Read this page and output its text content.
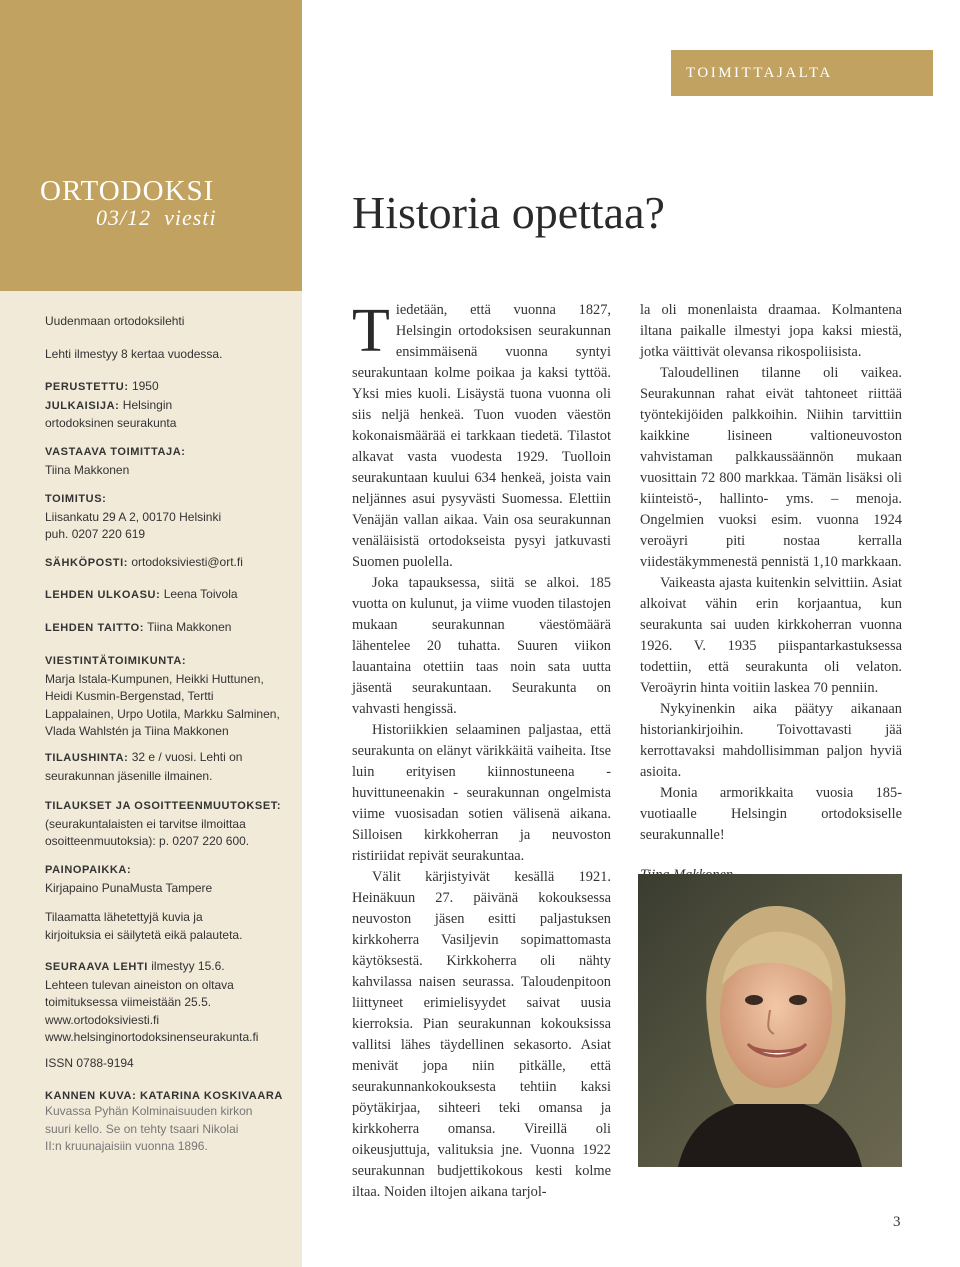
ORTODOKSI
03/12 viesti
TOIMITTAJALTA
Historia opettaa?
Uudenmaan ortodoksilehti
Lehti ilmestyy 8 kertaa vuodessa.
PERUSTETTU: 1950
JULKAISIJA: Helsingin
ortodoksinen seurakunta
VASTAAVA TOIMITTAJA:
Tiina Makkonen
TOIMITUS:
Liisankatu 29 A 2, 00170 Helsinki
puh. 0207 220 619
SÄHKÖPOSTI: ortodoksiviesti@ort.fi
LEHDEN ULKOASU: Leena Toivola
LEHDEN TAITTO: Tiina Makkonen
VIESTINTÄTOIMIKUNTA:
Marja Istala-Kumpunen, Heikki Huttunen,
Heidi Kusmin-Bergenstad, Tertti
Lappalainen, Urpo Uotila, Markku Salminen,
Vlada Wahlstén ja Tiina Makkonen
TILAUSHINTA: 32 e / vuosi. Lehti on
seurakunnan jäsenille ilmainen.
TILAUKSET JA OSOITTEENMUUTOKSET:
(seurakuntalaisten ei tarvitse ilmoittaa
osoitteenmuutoksia): p. 0207 220 600.
PAINOPAIKKA:
Kirjapaino PunaMusta Tampere
Tilaamatta lähetettyjä kuvia ja
kirjoituksia ei säilytetä eikä palauteta.
SEURAAVA LEHTI ilmestyy 15.6.
Lehteen tulevan aineiston on oltava
toimituksessa viimeistään 25.5.
www.ortodoksiviesti.fi
www.helsinginortodoksinenseurakunta.fi
ISSN 0788-9194
KANNEN KUVA: KATARINA KOSKIVAARA
Kuvassa Pyhän Kolminaisuuden kirkon
suuri kello. Se on tehty tsaari Nikolai
II:n kruunajaisiin vuonna 1896.

Tiedetään, että vuonna 1827, Helsingin ortodoksisen seurakunnan ensimmäisenä vuonna syntyi seurakuntaan kolme poikaa ja kaksi tyttöä. Yksi mies kuoli. Lisäystä tuona vuonna oli siis neljä henkeä. Tuon vuoden väestön kokonaismäärää ei tarkkaan tiedetä. Tilastot alkavat vasta vuodesta 1929. Tuolloin seurakuntaan kuului 634 henkeä, joista vain neljännes asui pysyvästi Suomessa. Elettiin Venäjän vallan aikaa. Vain osa seurakunnan venäläisistä ortodokseista pysyi jatkuvasti Suomen puolella.

Joka tapauksessa, siitä se alkoi. 185 vuotta on kulunut, ja viime vuoden tilastojen mukaan seurakunnan väestömäärä lähentelee 20 tuhatta. Suuren viikon lauantaina otettiin taas noin sata uutta jäsentä seurakuntaan. Seurakunta on vahvasti hengissä.

Historiikkien selaaminen paljastaa, että seurakunta on elänyt värikkäitä vaiheita. Itse luin erityisen kiinnostuneena - huvittuneenakin - seurakunnan ongelmista viime vuosisadan sotien välisenä aikana. Silloisen kirkkoherran ja neuvoston ristiriidat repivät seurakuntaa.

Välit kärjistyivät kesällä 1921. Heinäkuun 27. päivänä kokouksessa neuvoston jäsen esitti paljastuksen kirkkoherra Vasiljevin sopimattomasta käytöksestä. Kirkkoherra oli nähty kahvilassa naisen seurassa. Taloudenpitoon liittyneet erimielisyydet saivat uusia kierroksia. Pian seurakunnan kokouksissa vallitsi lähes täydellinen sekasorto. Asiat menivät jopa niin pitkälle, että seurakunnankokouksesta tehtiin kaksi pöytäkirjaa, sihteeri teki omansa ja kirkkoherra omansa. Vireillä oli oikeusjuttuja, valituksia jne. Vuonna 1922 seurakunnan budjettikokous kesti kolme iltaa. Noiden iltojen aikana tarjol-

la oli monenlaista draamaa. Kolmantena iltana paikalle ilmestyi jopa kaksi miestä, jotka väittivät olevansa rikospoliisista.

Taloudellinen tilanne oli vaikea. Seurakunnan rahat eivät tahtoneet riittää työntekijöiden palkkoihin. Niihin tarvittiin kaikkine lisineen valtioneuvoston vahvistaman palkkaussäännön mukaan vuosittain 72 800 markkaa. Tämän lisäksi oli kiinteistö-, hallinto- yms. – menoja. Ongelmien vuoksi esim. vuonna 1924 veroäyri piti nostaa kerralla viidestäkymmenestä pennistä 1,10 markkaan.

Vaikeasta ajasta kuitenkin selvittiin. Asiat alkoivat vähin erin korjaantua, kun seurakunta sai uuden kirkkoherran vuonna 1926. V. 1935 piispantarkastuksessa todettiin, että seurakunta oli velaton. Veroäyrin hinta voitiin laskea 70 penniin.

Nykyinenkin aika päätyy aikanaan historiankirjoihin. Toivottavasti jää kerrottavaksi mahdollisimman paljon hyviä asioita.

Monia armorikkaita vuosia 185-vuotiaalle Helsingin ortodoksiselle seurakunnalle!

3
